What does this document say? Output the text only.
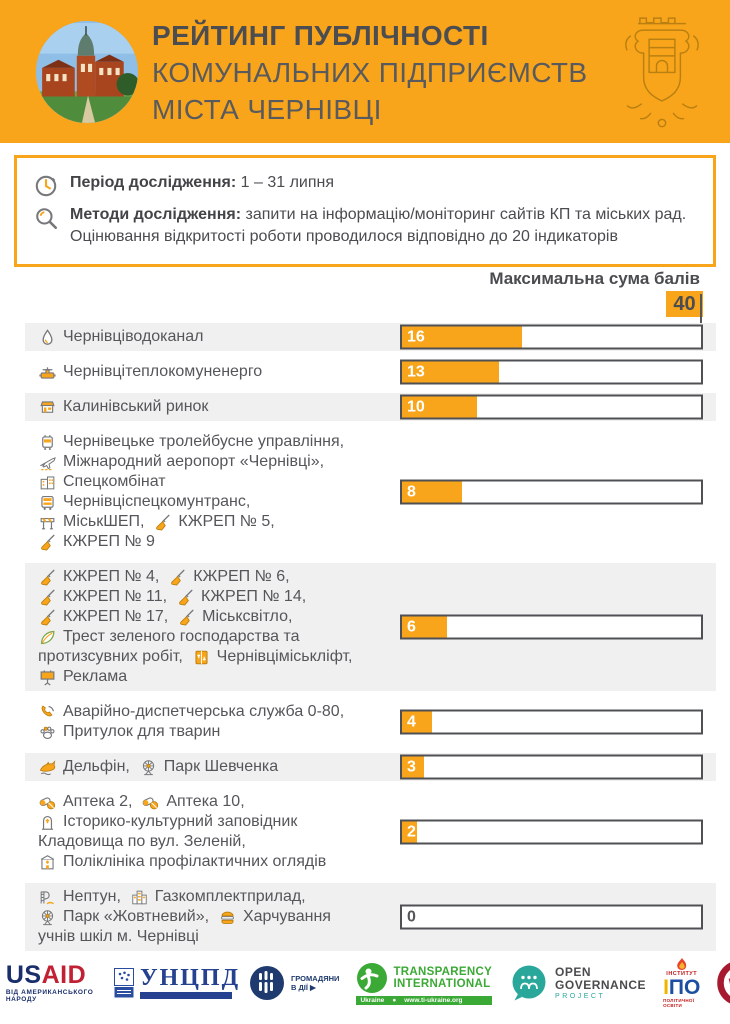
РЕЙТИНГ ПУБЛІЧНОСТІ
КОМУНАЛЬНИХ ПІДПРИЄМСТВ
МІСТА ЧЕРНІВЦІ
Період дослідження: 1 – 31 липня
Методи дослідження: запити на інформацію/моніторинг сайтів КП та міських рад. Оцінювання відкритості роботи проводилося відповідно до 20 індикаторів
Максимальна сума балів
40
Чернівціводоканал	16
Чернівцітеплокомуненерго	13
Калинівський ринок	10
Чернівецьке тролейбусне управління,
Міжнародний аеропорт «Чернівці»,
Спецкомбінат
Чернівціспецкомунтранс,
МіськШЕП, КЖРЕП № 5,
КЖРЕП № 9
8
КЖРЕП № 4, КЖРЕП № 6,
КЖРЕП № 11, КЖРЕП № 14,
КЖРЕП № 17, Міськсвітло,
Трест зеленого господарства та
протизсувних робіт, Чернівціміськліфт,
Реклама
6
Аварійно-диспетчерська служба 0-80,
Притулок для тварин
4
Дельфін, Парк Шевченка	3
Аптека 2, Аптека 10,
Історико-культурний заповідник
Кладовища по вул. Зеленій,
Поліклініка профілактичних оглядів
2
Нептун, Газкомплектприлад,
Парк «Жовтневий», Харчування
учнів шкіл м. Чернівці
0
USAID
ВІД АМЕРИКАНСЬКОГО НАРОДУ
УНЦПД	ГРОМАДЯНИ
В ДІЇ ▶
TRANSPARENCY
INTERNATIONAL
Ukraine ● www.ti-ukraine.org
OPEN
GOVERNANCE
PROJECT
ІНСТИТУТ
ІПО
ПОЛІТИЧНОЇ ОСВІТИ
